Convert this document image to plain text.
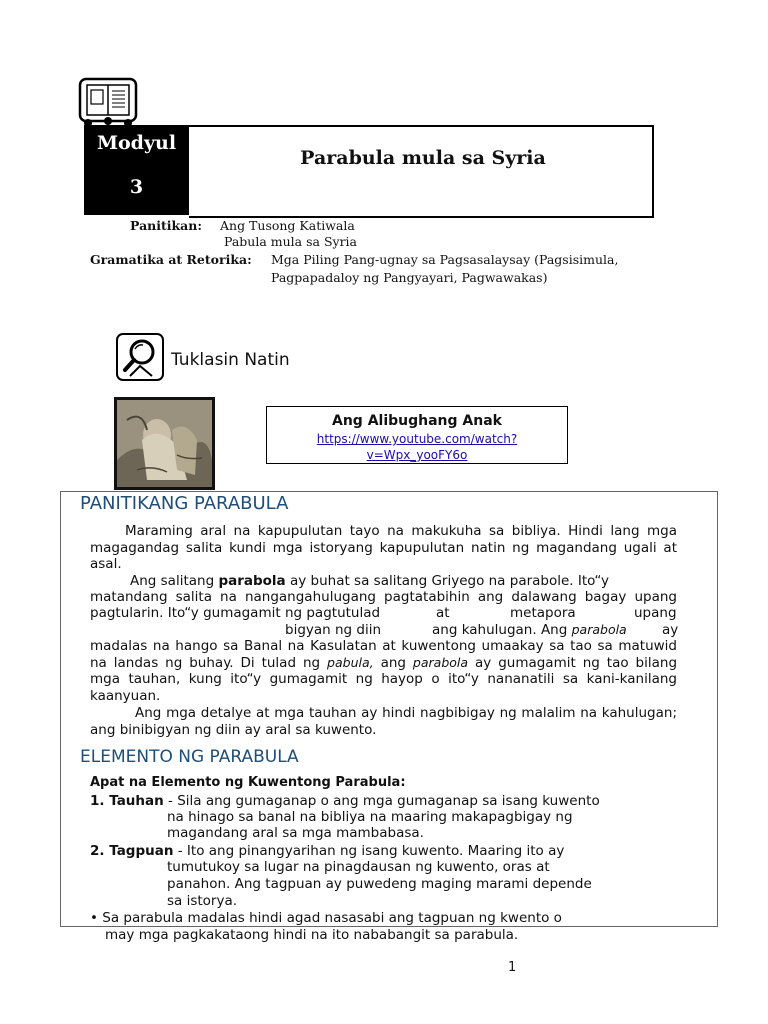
Modyul
3
Parabula mula sa Syria
Panitikan: Ang Tusong Katiwala
Pabula mula sa Syria
Gramatika at Retorika: Mga Piling Pang-ugnay sa Pagsasalaysay (Pagsisimula,
Pagpapadaloy ng Pangyayari, Pagwawakas)
Tuklasin Natin
Ang Alibughang Anak
https://www.youtube.com/watch?
v=Wpx_yooFY6o
PANITIKANG PARABULA
Maraming aral na kapupulutan tayo na makukuha sa bibliya. Hindi lang mga magagandag salita kundi mga istoryang kapupulutan natin ng magandang ugali at asal.
Ang salitang parabola ay buhat sa salitang Griyego na parabole. Ito“y
matandang salita na nangangahulugang pagtatabihin ang dalawang bagay upang
pagtularin. Ito“y gumagamit ng pagtutulad	at	metapora	upang
bigyan ng diin	ang kahulugan. Ang parabola	ay
madalas na hango sa Banal na Kasulatan at kuwentong umaakay sa tao sa matuwid
na landas ng buhay. Di tulad ng pabula, ang parabola ay gumagamit ng tao bilang
mga tauhan, kung ito“y gumagamit ng hayop o ito“y nananatili sa kani-kanilang
kaanyuan.
Ang mga detalye at mga tauhan ay hindi nagbibigay ng malalim na kahulugan; ang binibigyan ng diin ay aral sa kuwento.
ELEMENTO NG PARABULA
Apat na Elemento ng Kuwentong Parabula:
1. Tauhan - Sila ang gumaganap o ang mga gumaganap sa isang kuwento
na hinago sa banal na bibliya na maaring makapagbigay ng
magandang aral sa mga mambabasa.
2. Tagpuan - Ito ang pinangyarihan ng isang kuwento. Maaring ito ay
tumutukoy sa lugar na pinagdausan ng kuwento, oras at
panahon. Ang tagpuan ay puwedeng maging marami depende
sa istorya.
• Sa parabula madalas hindi agad nasasabi ang tagpuan ng kwento o
may mga pagkakataong hindi na ito nababangit sa parabula.
1
